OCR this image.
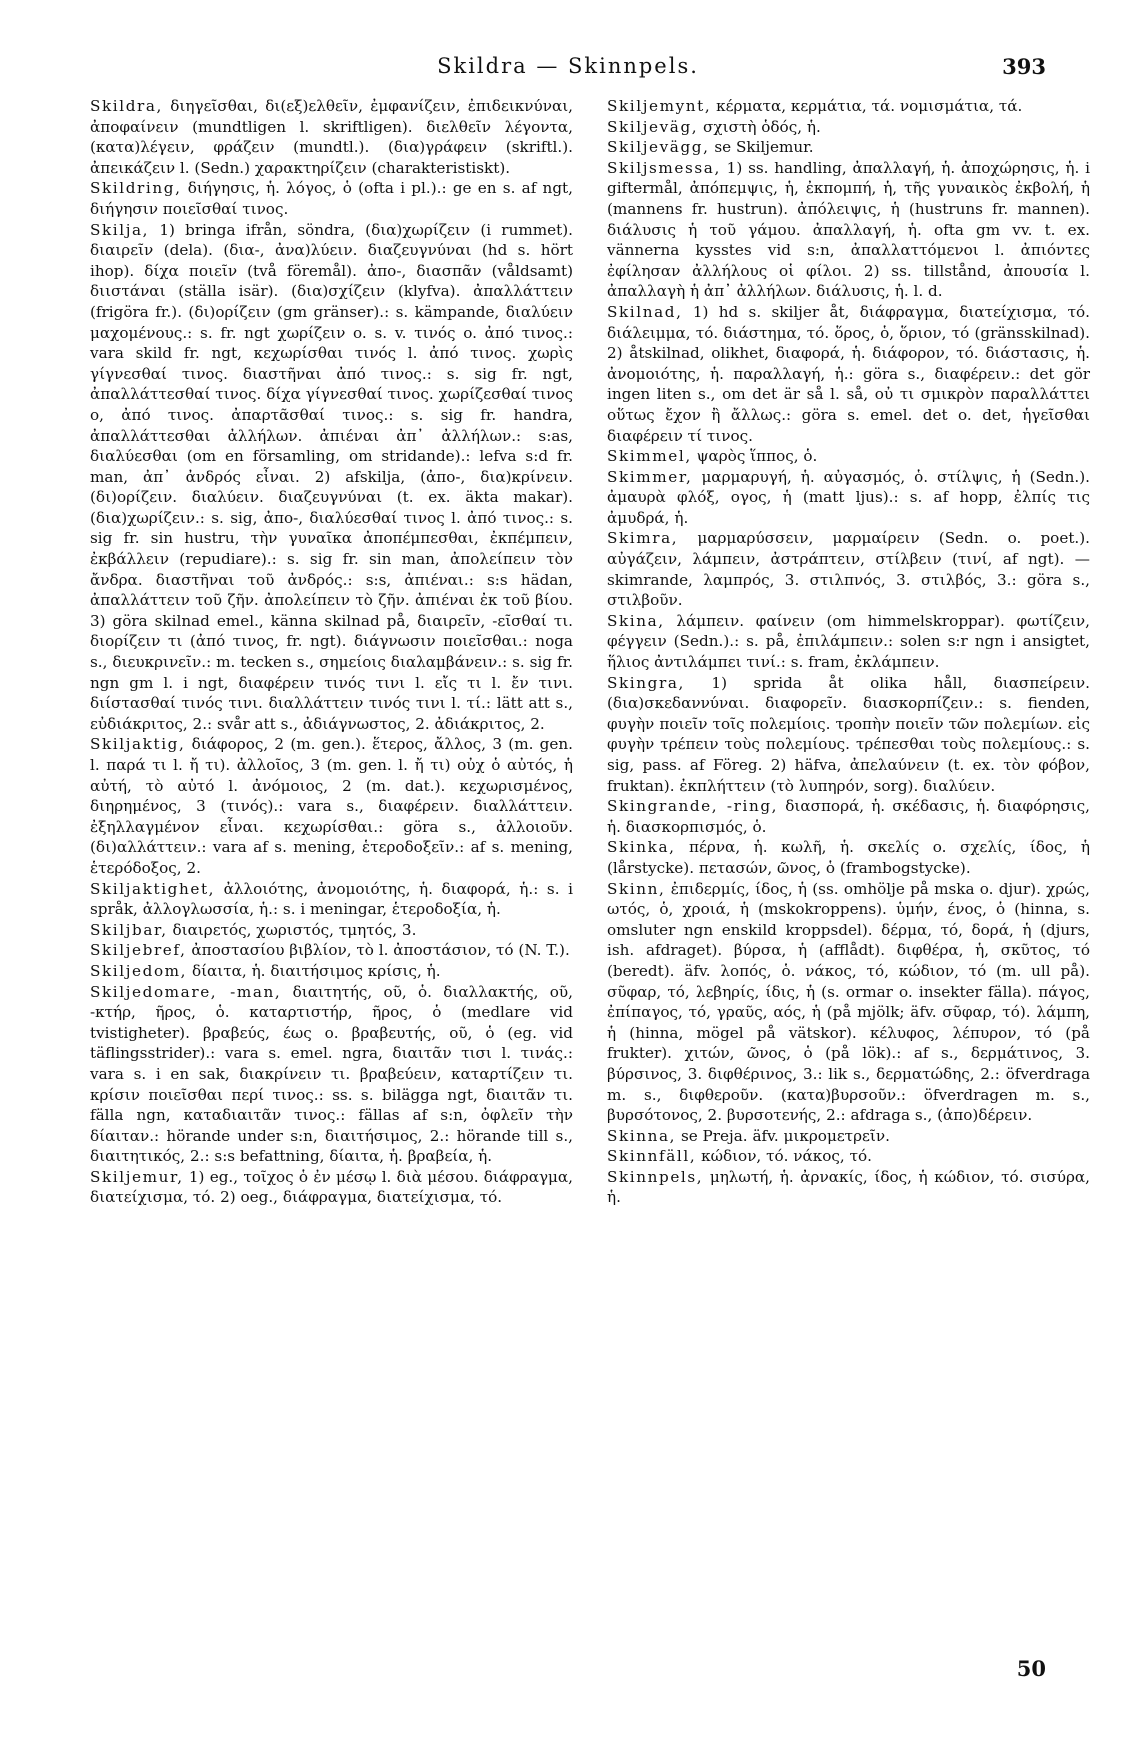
Skildra — Skinnpels.	393

Skildra, διηγεῖσθαι, δι(εξ)ελθεῖν, ἐμφανίζειν, ἐπιδεικνύναι, ἀποφαίνειν (mundtligen l. skriftligen). διελθεῖν λέγοντα, (κατα)λέγειν, φράζειν (mundtl.). (δια)γράφειν (skriftl.). ἀπεικάζειν l. (Sedn.) χαρακτηρίζειν (charakteristiskt).

Skildring, διήγησις, ἡ. λόγος, ὁ (ofta i pl.).: ge en s. af ngt, διήγησιν ποιεῖσθαί τινος.

Skilja, 1) bringa ifrån, söndra, (δια)χωρίζειν (i rummet). διαιρεῖν (dela). (δια-, ἀνα)λύειν. διαζευγνύναι (hd s. hört ihop). δίχα ποιεῖν (två föremål). ἀπο-, διασπᾶν (våldsamt) διιστάναι (ställa isär). (δια)σχίζειν (klyfva). ἀπαλλάττειν (frigöra fr.). (δι)ορίζειν (gm gränser).: s. kämpande, διαλύειν μαχομένους.: s. fr. ngt χωρίζειν o. s. v. τινός o. ἀπό τινος.: vara skild fr. ngt, κεχωρίσθαι τινός l. ἀπό τινος. χωρὶς γίγνεσθαί τινος. διαστῆναι ἀπό τινος.: s. sig fr. ngt, ἀπαλλάττεσθαί τινος. δίχα γίγνεσθαί τινος. χωρίζεσθαί τινος o, ἀπό τινος. ἀπαρτᾶσθαί τινος.: s. sig fr. handra, ἀπαλλάττεσθαι ἀλλήλων. ἀπιέναι ἀπ᾽ ἀλλήλων.: s:as, διαλύεσθαι (om en församling, om stridande).: lefva s:d fr. man, ἀπ᾽ ἀνδρός εἶναι. 2) afskilja, (ἀπο-, δια)κρίνειν. (δι)ορίζειν. διαλύειν. διαζευγνύναι (t. ex. äkta makar). (δια)χωρίζειν.: s. sig, ἀπο-, διαλύεσθαί τινος l. ἀπό τινος.: s. sig fr. sin hustru, τὴν γυναῖκα ἀποπέμπεσθαι, ἐκπέμπειν, ἐκβάλλειν (repudiare).: s. sig fr. sin man, ἀπολείπειν τὸν ἄνδρα. διαστῆναι τοῦ ἀνδρός.: s:s, ἀπιέναι.: s:s hädan, ἀπαλλάττειν τοῦ ζῆν. ἀπολείπειν τὸ ζῆν. ἀπιέναι ἐκ τοῦ βίου. 3) göra skilnad emel., känna skilnad på, διαιρεῖν, -εῖσθαί τι. διορίζειν τι (ἀπό τινος, fr. ngt). διάγνωσιν ποιεῖσθαι.: noga s., διευκρινεῖν.: m. tecken s., σημείοις διαλαμβάνειν.: s. sig fr. ngn gm l. i ngt, διαφέρειν τινός τινι l. εἴς τι l. ἔν τινι. διίστασθαί τινός τινι. διαλλάττειν τινός τινι l. τί.: lätt att s., εὐδιάκριτος, 2.: svår att s., ἀδιάγνωστος, 2. ἀδιάκριτος, 2.

Skiljaktig, διάφορος, 2 (m. gen.). ἕτερος, ἄλλος, 3 (m. gen. l. παρά τι l. ἤ τι). ἀλλοῖος, 3 (m. gen. l. ἤ τι) οὐχ ὁ αὐτός, ἡ αὐτή, τὸ αὐτό l. ἀνόμοιος, 2 (m. dat.). κεχωρισμένος, διηρημένος, 3 (τινός).: vara s., διαφέρειν. διαλλάττειν. ἐξηλλαγμένον εἶναι. κεχωρίσθαι.: göra s., ἀλλοιοῦν. (δι)αλλάττειν.: vara af s. mening, ἑτεροδοξεῖν.: af s. mening, ἑτερόδοξος, 2.

Skiljaktighet, ἀλλοιότης, ἀνομοιότης, ἡ. διαφορά, ἡ.: s. i språk, ἀλλογλωσσία, ἡ.: s. i meningar, ἑτεροδοξία, ἡ.

Skiljbar, διαιρετός, χωριστός, τμητός, 3.

Skiljebref, ἀποστασίου βιβλίον, τὸ l. ἀποστάσιον, τό (N. T.).

Skiljedom, δίαιτα, ἡ. διαιτήσιμος κρίσις, ἡ.

Skiljedomare, -man, διαιτητής, οῦ, ὁ. διαλλακτής, οῦ, -κτήρ, ῆρος, ὁ. καταρτιστήρ, ῆρος, ὁ (medlare vid tvistigheter). βραβεύς, έως ο. βραβευτής, οῦ, ὁ (eg. vid täflingsstrider).: vara s. emel. ngra, διαιτᾶν τισι l. τινάς.: vara s. i en sak, διακρίνειν τι. βραβεύειν, καταρτίζειν τι. κρίσιν ποιεῖσθαι περί τινος.: ss. s. bilägga ngt, διαιτᾶν τι. fälla ngn, καταδιαιτᾶν τινος.: fällas af s:n, ὀφλεῖν τὴν δίαιταν.: hörande under s:n, διαιτήσιμος, 2.: hörande till s., διαιτητικός, 2.: s:s befattning, δίαιτα, ἡ. βραβεία, ἡ.

Skiljemur, 1) eg., τοῖχος ὁ ἐν μέσῳ l. διὰ μέσου. διάφραγμα, διατείχισμα, τό. 2) oeg., διάφραγμα, διατείχισμα, τό.

Skiljemynt, κέρματα, κερμάτια, τά. νομισμάτια, τά.

Skiljeväg, σχιστὴ ὁδός, ἡ.

Skiljevägg, se Skiljemur.

Skiljsmessa, 1) ss. handling, ἀπαλλαγή, ἡ. ἀποχώρησις, ἡ. i giftermål, ἀπόπεμψις, ἡ, ἐκπομπή, ἡ, τῆς γυναικὸς ἐκβολή, ἡ (mannens fr. hustrun). ἀπόλειψις, ἡ (hustruns fr. mannen). διάλυσις ἡ τοῦ γάμου. ἀπαλλαγή, ἡ. ofta gm vv. t. ex. vännerna kysstes vid s:n, ἀπαλλαττόμενοι l. ἀπιόντες ἐφίλησαν ἀλλήλους οἱ φίλοι. 2) ss. tillstånd, ἀπουσία l. ἀπαλλαγὴ ἡ ἀπ᾽ ἀλλήλων. διάλυσις, ἡ. l. d.

Skilnad, 1) hd s. skiljer åt, διάφραγμα, διατείχισμα, τό. διάλειμμα, τό. διάστημα, τό. ὅρος, ὁ, ὅριον, τό (gränsskilnad). 2) åtskilnad, olikhet, διαφορά, ἡ. διάφορον, τό. διάστασις, ἡ. ἀνομοιότης, ἡ. παραλλαγή, ἡ.: göra s., διαφέρειν.: det gör ingen liten s., om det är så l. så, οὐ τι σμικρὸν παραλλάττει οὕτως ἔχον ἢ ἄλλως.: göra s. emel. det o. det, ἡγεῖσθαι διαφέρειν τί τινος.

Skimmel, ψαρὸς ἵππος, ὁ.

Skimmer, μαρμαρυγή, ἡ. αὐγασμός, ὁ. στίλψις, ἡ (Sedn.). ἀμαυρὰ φλόξ, ογος, ἡ (matt ljus).: s. af hopp, ἐλπίς τις ἀμυδρά, ἡ.

Skimra, μαρμαρύσσειν, μαρμαίρειν (Sedn. o. poet.). αὐγάζειν, λάμπειν, ἀστράπτειν, στίλβειν (τινί, af ngt). — skimrande, λαμπρός, 3. στιλπνός, 3. στιλβός, 3.: göra s., στιλβοῦν.

Skina, λάμπειν. φαίνειν (om himmelskroppar). φωτίζειν, φέγγειν (Sedn.).: s. på, ἐπιλάμπειν.: solen s:r ngn i ansigtet, ἥλιος ἀντιλάμπει τινί.: s. fram, ἐκλάμπειν.

Skingra, 1) sprida åt olika håll, διασπείρειν. (δια)σκεδαννύναι. διαφορεῖν. διασκορπίζειν.: s. fienden, φυγὴν ποιεῖν τοῖς πολεμίοις. τροπὴν ποιεῖν τῶν πολεμίων. εἰς φυγὴν τρέπειν τοὺς πολεμίους. τρέπεσθαι τοὺς πολεμίους.: s. sig, pass. af Föreg. 2) häfva, ἀπελαύνειν (t. ex. τὸν φόβον, fruktan). ἐκπλήττειν (τὸ λυπηρόν, sorg). διαλύειν.

Skingrande, -ring, διασπορά, ἡ. σκέδασις, ἡ. διαφόρησις, ἡ. διασκορπισμός, ὁ.

Skinka, πέρνα, ἡ. κωλῆ, ἡ. σκελίς o. σχελίς, ίδος, ἡ (lårstycke). πετασών, ῶνος, ὁ (frambogstycke).

Skinn, ἐπιδερμίς, ίδος, ἡ (ss. omhölje på mska o. djur). χρώς, ωτός, ὁ, χροιά, ἡ (mskokroppens). ὑμήν, ένος, ὁ (hinna, s. omsluter ngn enskild kroppsdel). δέρμα, τό, δορά, ἡ (djurs, ish. afdraget). βύρσα, ἡ (afflådt). διφθέρα, ἡ, σκῦτος, τό (beredt). äfv. λοπός, ὁ. νάκος, τό, κώδιον, τό (m. ull på). σῦφαρ, τό, λεβηρίς, ίδις, ἡ (s. ormar o. insekter fälla). πάγος, ἐπίπαγος, τό, γραῦς, αός, ἡ (på mjölk; äfv. σῦφαρ, τό). λάμπη, ἡ (hinna, mögel på vätskor). κέλυφος, λέπυρον, τό (på frukter). χιτών, ῶνος, ὁ (på lök).: af s., δερμάτινος, 3. βύρσινος, 3. διφθέρινος, 3.: lik s., δερματώδης, 2.: öfverdraga m. s., διφθεροῦν. (κατα)βυρσοῦν.: öfverdragen m. s., βυρσότονος, 2. βυρσοτενής, 2.: afdraga s., (ἀπο)δέρειν.

Skinna, se Preja. äfv. μικρομετρεῖν.

Skinnfäll, κώδιον, τό. νάκος, τό.

Skinnpels, μηλωτή, ἡ. ἀρνακίς, ίδος, ἡ κώδιον, τό. σισύρα, ἡ.

50
